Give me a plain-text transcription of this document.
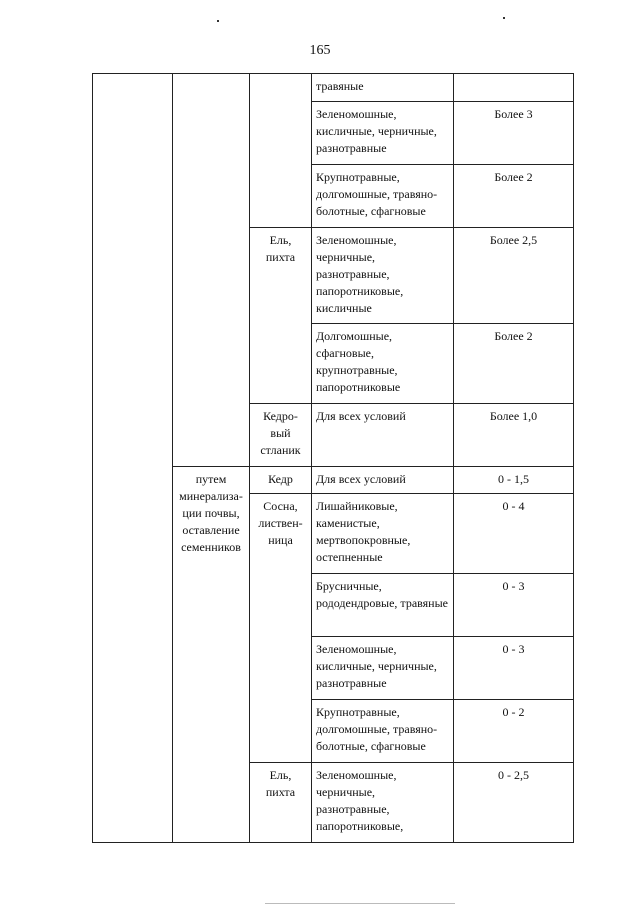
165
			травяные	
			Зеленомошные, кисличные, черничные, разнотравные	Более 3
			Крупнотравные, долгомошные, травяно-болотные, сфагновые	Более 2
		Ель, пихта	Зеленомошные, черничные, разнотравные, папоротниковые, кисличные	Более 2,5
			Долгомошные, сфагновые, крупнотравные, папоротниковые	Более 2
		Кедро-вый стланик	Для всех условий	Более 1,0
	путем минерализа-ции почвы, оставление семенников	Кедр	Для всех условий	0 - 1,5
		Сосна, листвен-ница	Лишайниковые, каменистые, мертвопокровные, остепненные	0 - 4
			Брусничные, рододендровые, травяные	0 - 3
			Зеленомошные, кисличные, черничные, разнотравные	0 - 3
			Крупнотравные, долгомошные, травяно-болотные, сфагновые	0 - 2
		Ель, пихта	Зеленомошные, черничные, разнотравные, папоротниковые,	0 - 2,5
